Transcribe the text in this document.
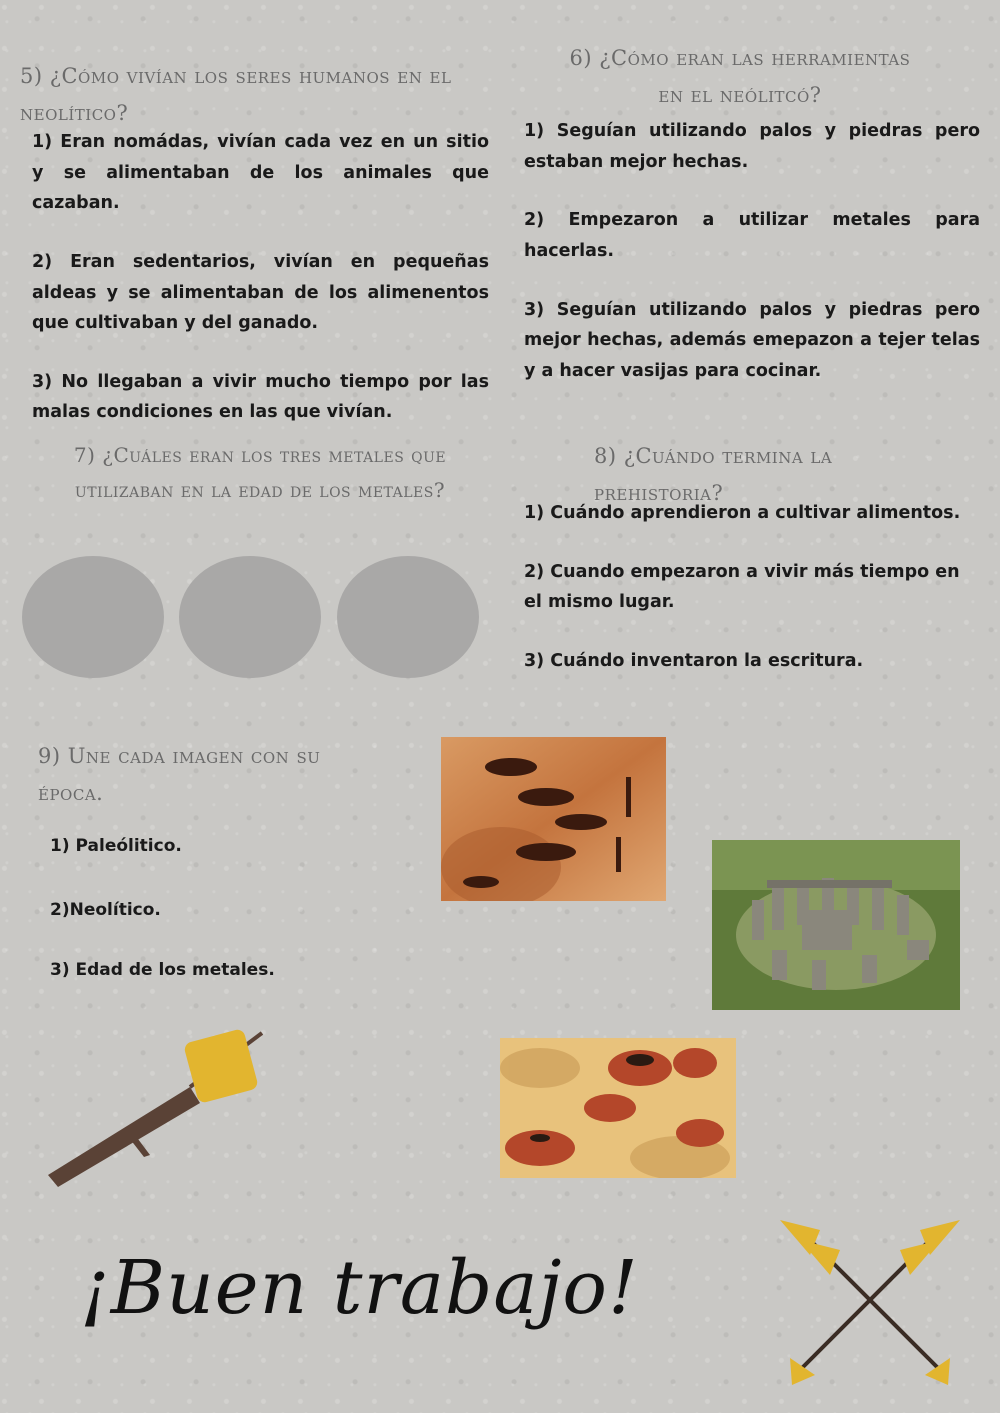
5) ¿Cómo vivían los seres humanos en el neolítico?

1) Eran nomádas, vivían cada vez en un sitio y se alimentaban de los animales que cazaban.

2) Eran sedentarios, vivían en pequeñas aldeas y se alimentaban de los alimenentos que cultivaban y del ganado.

3) No llegaban a vivir mucho tiempo por las malas condiciones en las que vivían.

6) ¿Cómo eran las herramientas en el neólitcó?

1) Seguían utilizando palos y piedras pero estaban mejor hechas.

2) Empezaron a utilizar metales para hacerlas.

3) Seguían utilizando palos y piedras pero mejor hechas, además emepazon a tejer telas y a hacer vasijas para cocinar.

7) ¿Cuáles eran los tres metales que utilizaban en la edad de los metales?
8) ¿Cuándo termina la prehistoria?

1) Cuándo aprendieron a cultivar alimentos.

2) Cuando empezaron a vivir más tiempo en el mismo lugar.

3) Cuándo inventaron la escritura.

9) Une cada imagen con su época.
1) Paleólitico.
2)Neolítico.
3) Edad de los metales.
¡Buen trabajo!
